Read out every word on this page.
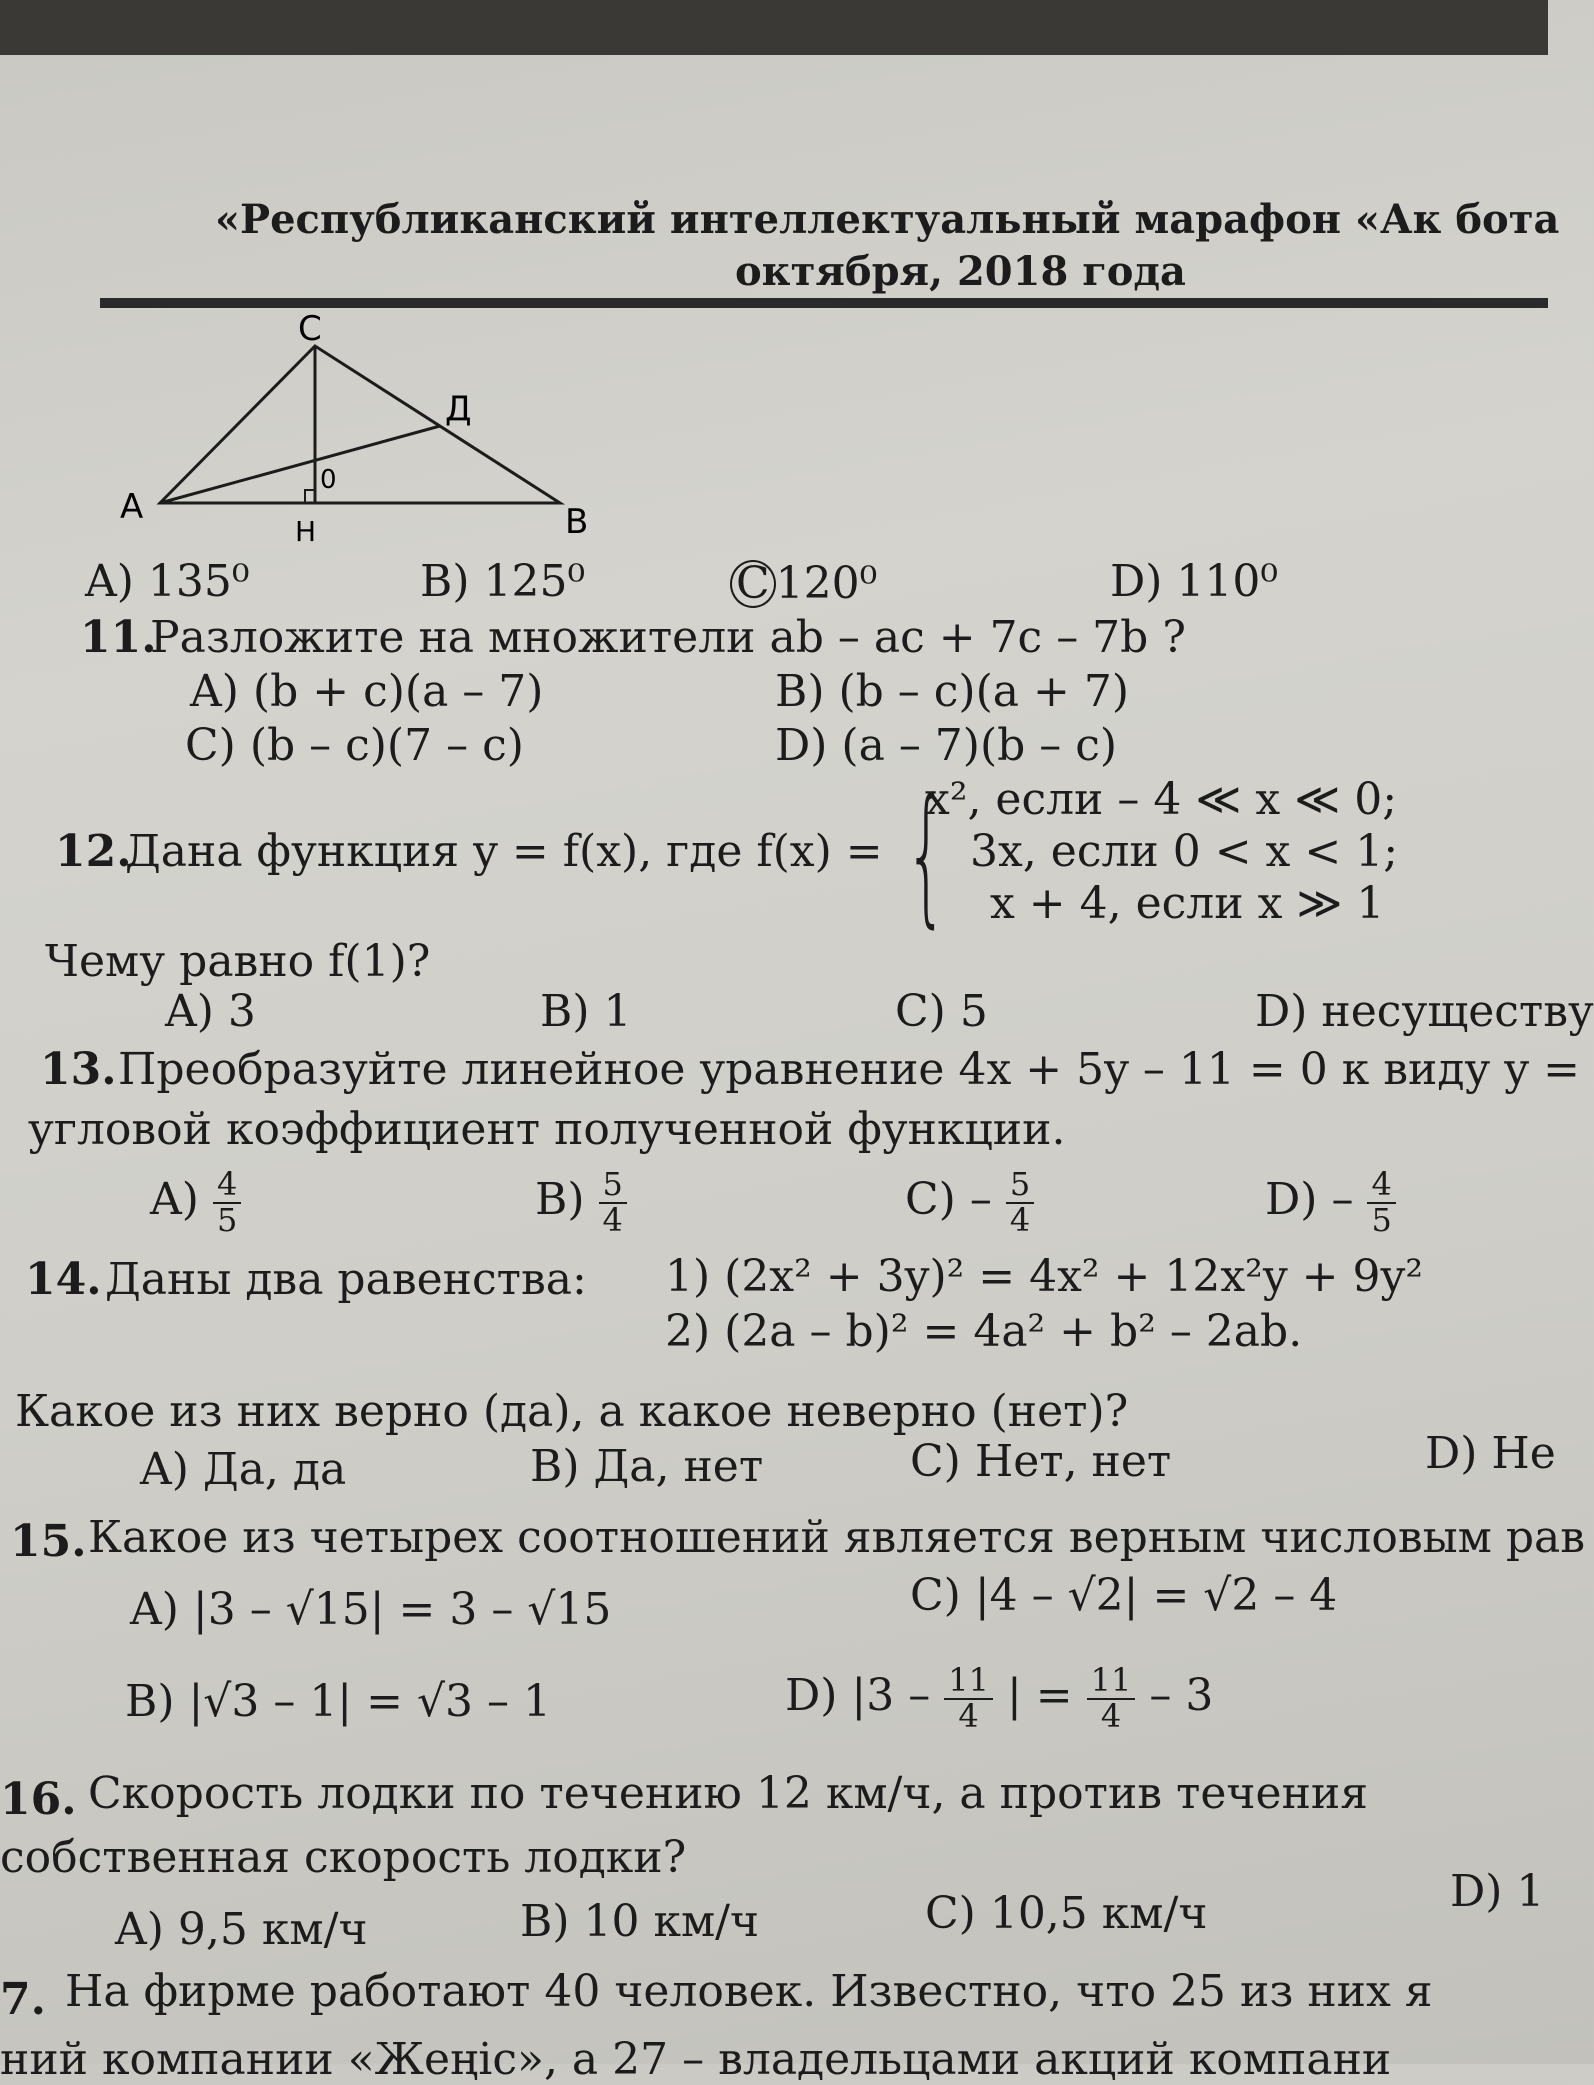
«Республиканский интеллектуальный марафон «Ак бота
октября, 2018 года
C
Д
A
H	B
0
A) 135⁰	B) 125⁰	C 120⁰	D) 110⁰
11.
Разложите на множители ab – ac + 7c – 7b ?
A) (b + c)(a – 7)	B) (b – c)(a + 7)
C) (b – c)(7 – c)	D) (a – 7)(b – c)
12.
Дана функция y = f(x), где f(x) = {
x², если – 4 ≪ x ≪ 0;
3x, если 0 < x < 1;
x + 4, если x ≫ 1
Чему равно f(1)?
A) 3	B) 1	C) 5	D) несуществу
13. Преобразуйте линейное уравнение 4x + 5y – 11 = 0 к виду y =
угловой коэффициент полученной функции.
$A) \frac{4}{5}$	$B) \frac{5}{4}$	$C) - \frac{5}{4}$	$D) - \frac{4}{5}$
14. Даны два равенства: 1) (2x² + 3y)² = 4x² + 12x²y + 9y²
2) (2a – b)² = 4a² + b² – 2ab.
Какое из них верно (да), а какое неверно (нет)?
A) Да, да	B) Да, нет	C) Нет, нет	D) Не
15. Какое из четырех соотношений является верным числовым рав
A) |3 – √15| = 3 – √15	C) |4 – √2| = √2 – 4
B) |√3 – 1| = √3 – 1	D) $|3 - \frac{11}{4}$ | = $\frac{11}{4} - 3$
16. Скорость лодки по течению 12 км/ч, а против течения
собственная скорость лодки?
A) 9,5 км/ч	B) 10 км/ч	C) 10,5 км/ч	D) 1
7. На фирме работают 40 человек. Известно, что 25 из них я
ний компании «Жеңіс», а 27 – владельцами акций компани
